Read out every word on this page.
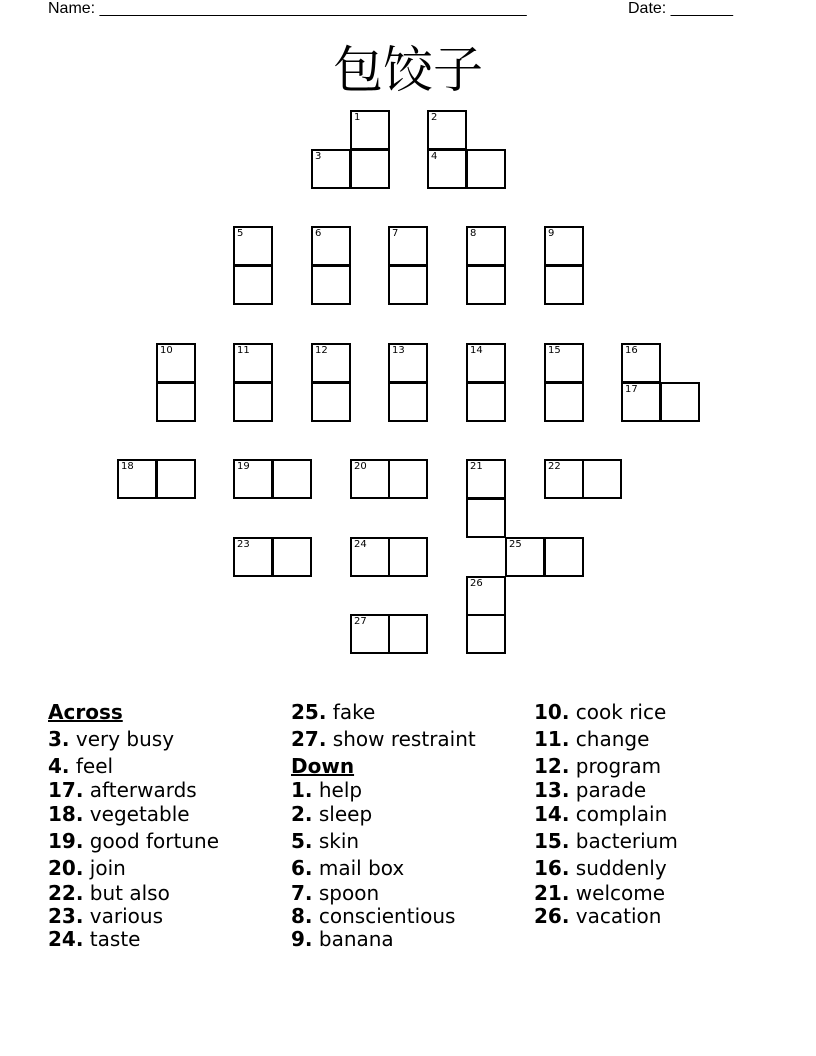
Name: ________________________________________________	Date: _______
包饺子
1	2
4
3
5	6	7	8	9
10	11	12	13	14	15	16
17
18	19	20	21	22
23	24	25
26
27
Across
3. very busy
4. feel
17. afterwards
18. vegetable
19. good fortune
20. join
22. but also
23. various
24. taste
25. fake
27. show restraint
Down
1. help
2. sleep
5. skin
6. mail box
7. spoon
8. conscientious
9. banana
10. cook rice
11. change
12. program
13. parade
14. complain
15. bacterium
16. suddenly
21. welcome
26. vacation
